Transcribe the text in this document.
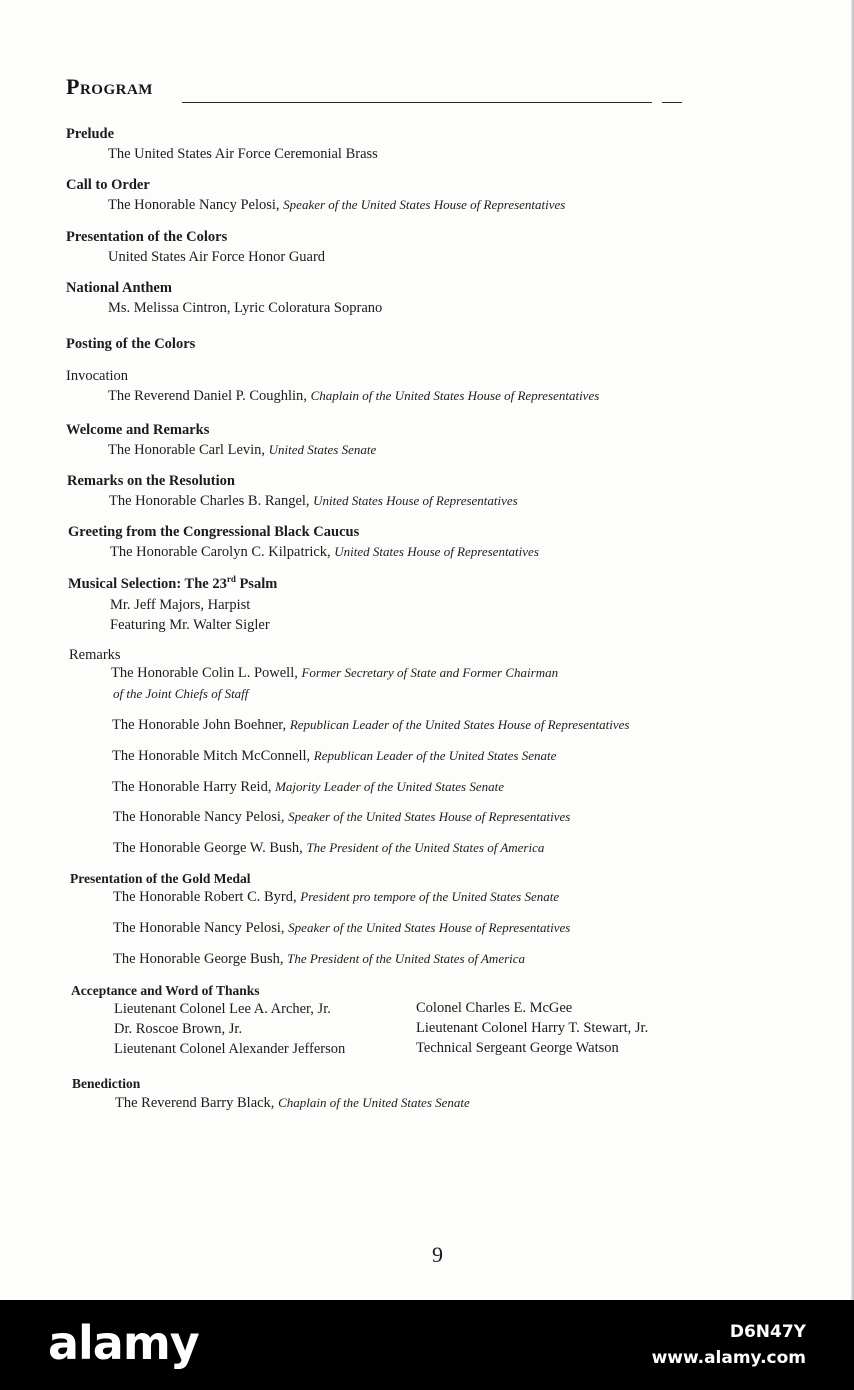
Program
Prelude
The United States Air Force Ceremonial Brass
Call to Order
The Honorable Nancy Pelosi, Speaker of the United States House of Representatives
Presentation of the Colors
United States Air Force Honor Guard
National Anthem
Ms. Melissa Cintron, Lyric Coloratura Soprano
Posting of the Colors
Invocation
The Reverend Daniel P. Coughlin, Chaplain of the United States House of Representatives
Welcome and Remarks
The Honorable Carl Levin, United States Senate
Remarks on the Resolution
The Honorable Charles B. Rangel, United States House of Representatives
Greeting from the Congressional Black Caucus
The Honorable Carolyn C. Kilpatrick, United States House of Representatives
Musical Selection: The 23rd Psalm
Mr. Jeff Majors, Harpist
Featuring Mr. Walter Sigler
Remarks
The Honorable Colin L. Powell, Former Secretary of State and Former Chairman
of the Joint Chiefs of Staff
The Honorable John Boehner, Republican Leader of the United States House of Representatives
The Honorable Mitch McConnell, Republican Leader of the United States Senate
The Honorable Harry Reid, Majority Leader of the United States Senate
The Honorable Nancy Pelosi, Speaker of the United States House of Representatives
The Honorable George W. Bush, The President of the United States of America
Presentation of the Gold Medal
The Honorable Robert C. Byrd, President pro tempore of the United States Senate
The Honorable Nancy Pelosi, Speaker of the United States House of Representatives
The Honorable George Bush, The President of the United States of America
Acceptance and Word of Thanks
Lieutenant Colonel Lee A. Archer, Jr.
Dr. Roscoe Brown, Jr.
Lieutenant Colonel Alexander Jefferson
Colonel Charles E. McGee
Lieutenant Colonel Harry T. Stewart, Jr.
Technical Sergeant George Watson
Benediction
The Reverend Barry Black, Chaplain of the United States Senate
9
alamy	D6N47Y
www.alamy.com
